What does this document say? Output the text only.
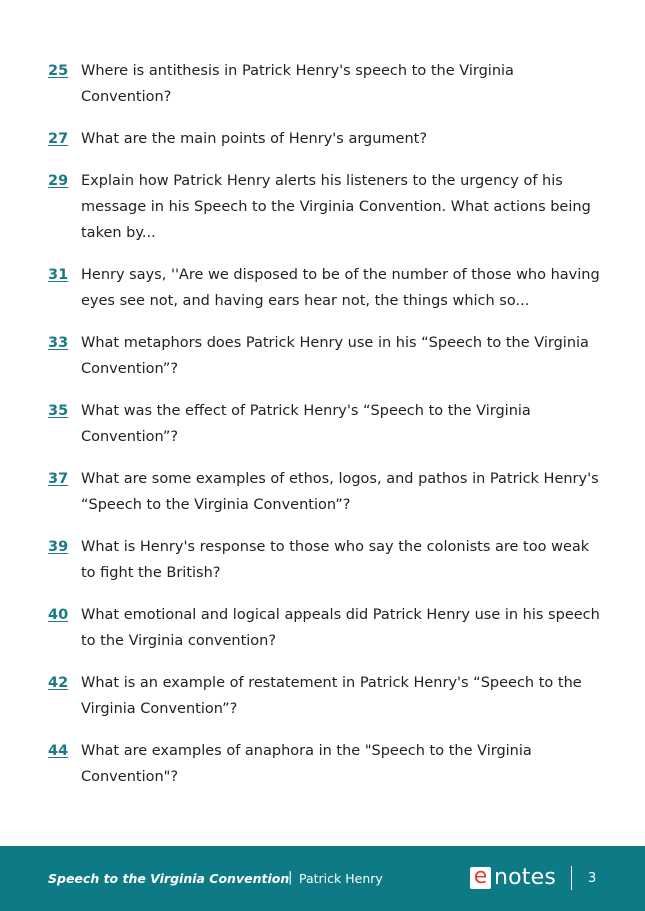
25 Where is antithesis in Patrick Henry's speech to the Virginia Convention?
27 What are the main points of Henry's argument?
29 Explain how Patrick Henry alerts his listeners to the urgency of his message in his Speech to the Virginia Convention. What actions being taken by...
31 Henry says, ''Are we disposed to be of the number of those who having eyes see not, and having ears hear not, the things which so...
33 What metaphors does Patrick Henry use in his “Speech to the Virginia Convention”?
35 What was the effect of Patrick Henry's “Speech to the Virginia Convention”?
37 What are some examples of ethos, logos, and pathos in Patrick Henry's “Speech to the Virginia Convention”?
39 What is Henry's response to those who say the colonists are too weak to fight the British?
40 What emotional and logical appeals did Patrick Henry use in his speech to the Virginia convention?
42 What is an example of restatement in Patrick Henry's “Speech to the Virginia Convention”?
44 What are examples of anaphora in the "Speech to the Virginia Convention"?
Speech to the Virginia Convention
| Patrick Henry	e notes 3
